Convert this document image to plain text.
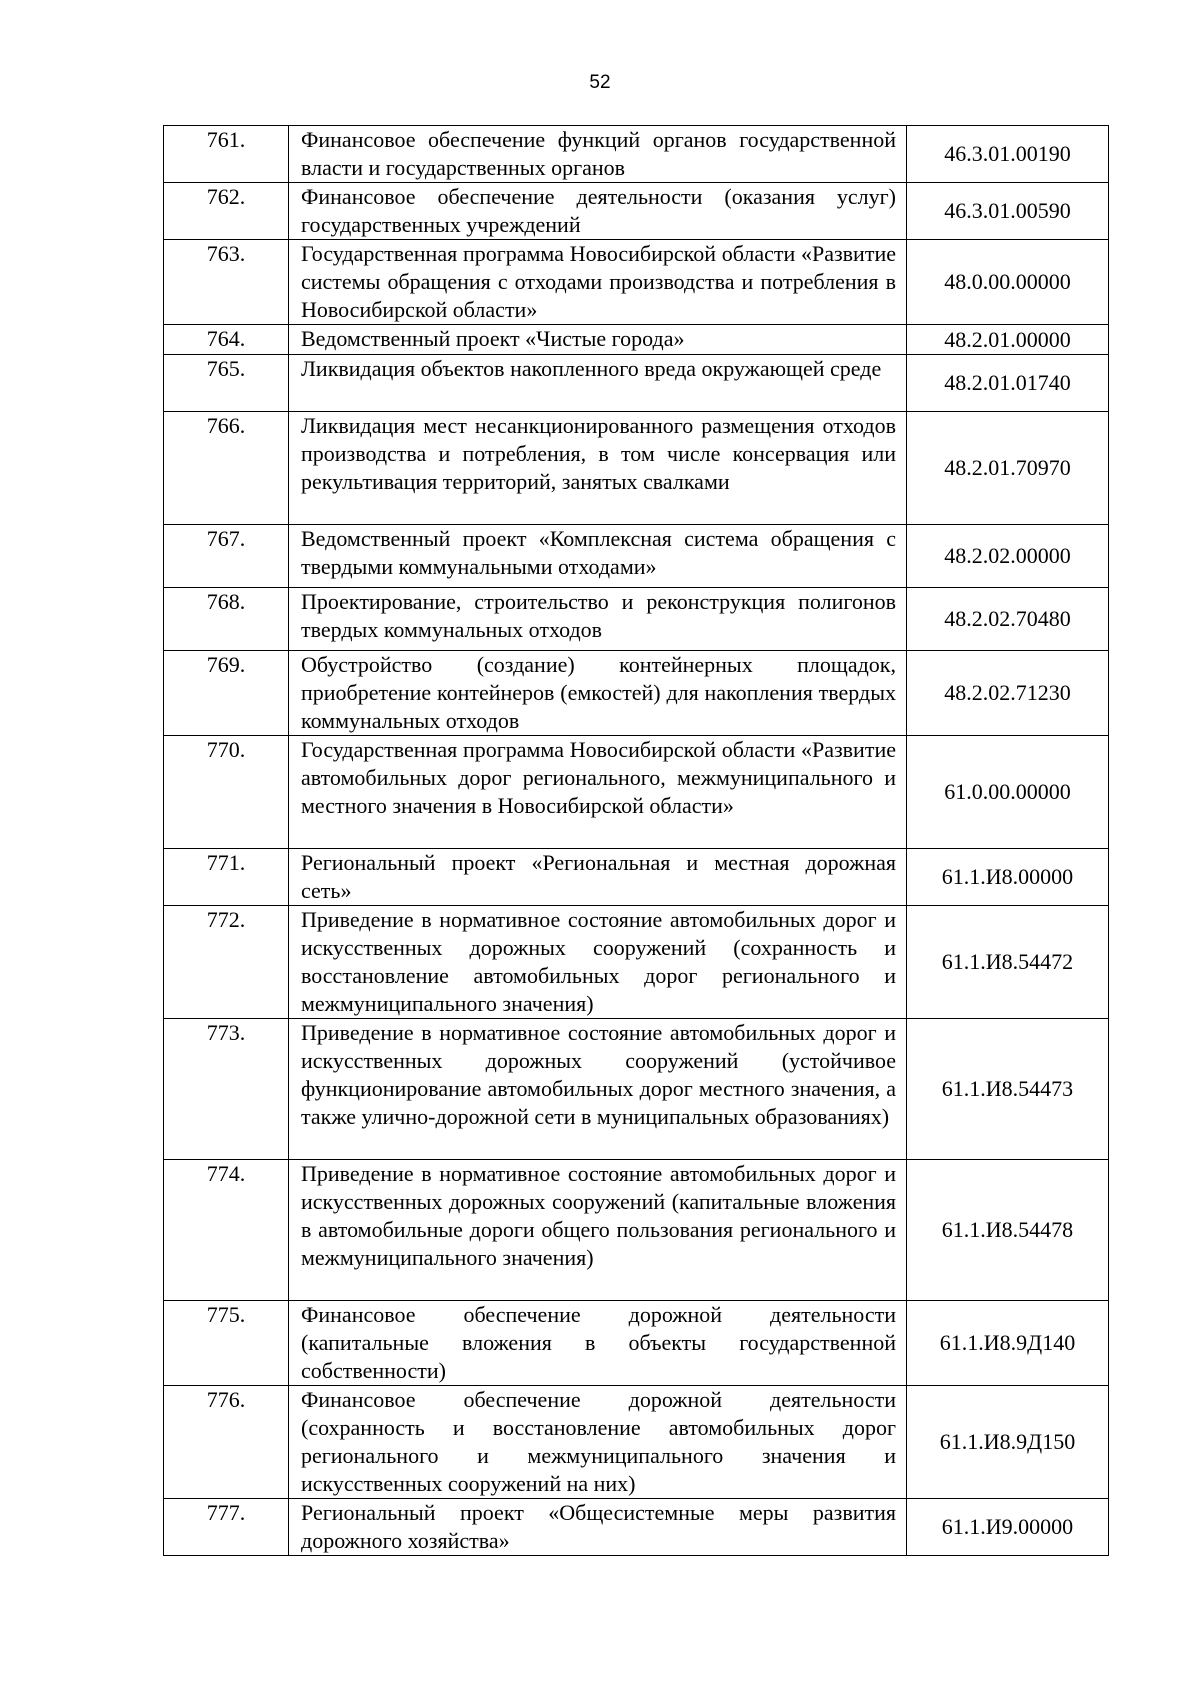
52
761.	Финансовое обеспечение функций органов государственной власти и государственных органов	46.3.01.00190
762.	Финансовое обеспечение деятельности (оказания услуг) государственных учреждений	46.3.01.00590
763.	Государственная программа Новосибирской области «Развитие системы обращения с отходами производства и потребления в Новосибирской области»	48.0.00.00000
764.	Ведомственный проект «Чистые города»	48.2.01.00000
765.	Ликвидация объектов накопленного вреда окружающей среде	48.2.01.01740
766.	Ликвидация мест несанкционированного размещения отходов производства и потребления, в том числе консервация или рекультивация территорий, занятых свалками	48.2.01.70970
767.	Ведомственный проект «Комплексная система обращения с твердыми коммунальными отходами»	48.2.02.00000
768.	Проектирование, строительство и реконструкция полигонов твердых коммунальных отходов	48.2.02.70480
769.	Обустройство (создание) контейнерных площадок, приобретение контейнеров (емкостей) для накопления твердых коммунальных отходов	48.2.02.71230
770.	Государственная программа Новосибирской области «Развитие автомобильных дорог регионального, межмуниципального и местного значения в Новосибирской области»	61.0.00.00000
771.	Региональный проект «Региональная и местная дорожная сеть»	61.1.И8.00000
772.	Приведение в нормативное состояние автомобильных дорог и искусственных дорожных сооружений (сохранность и восстановление автомобильных дорог регионального и межмуниципального значения)	61.1.И8.54472
773.	Приведение в нормативное состояние автомобильных дорог и искусственных дорожных сооружений (устойчивое функционирование автомобильных дорог местного значения, а также улично-дорожной сети в муниципальных образованиях)	61.1.И8.54473
774.	Приведение в нормативное состояние автомобильных дорог и искусственных дорожных сооружений (капитальные вложения в автомобильные дороги общего пользования регионального и межмуниципального значения)	61.1.И8.54478
775.	Финансовое обеспечение дорожной деятельности (капитальные вложения в объекты государственной собственности)	61.1.И8.9Д140
776.	Финансовое обеспечение дорожной деятельности (сохранность и восстановление автомобильных дорог регионального и межмуниципального значения и искусственных сооружений на них)	61.1.И8.9Д150
777.	Региональный проект «Общесистемные меры развития дорожного хозяйства»	61.1.И9.00000
